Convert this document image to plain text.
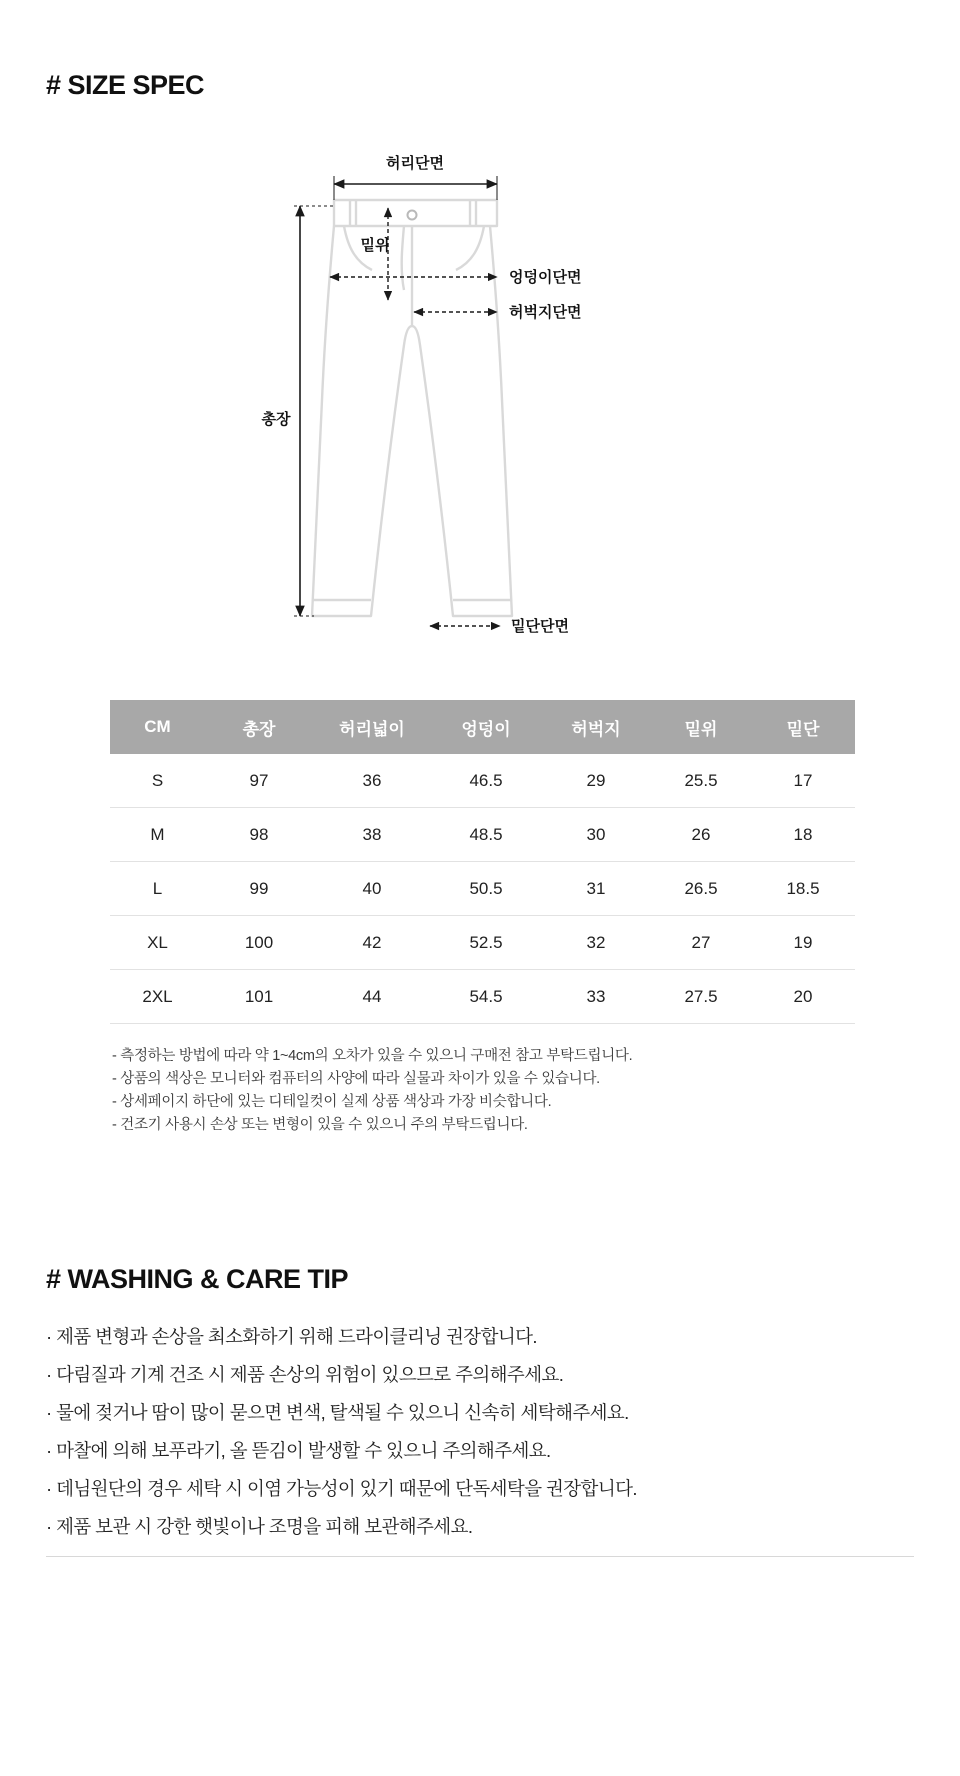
# SIZE SPEC
허리단면
총장
밑위
엉덩이단면
허벅지단면
밑단단면
CM	총장	허리넓이	엉덩이	허벅지	밑위	밑단
S	97	36	46.5	29	25.5	17
M	98	38	48.5	30	26	18
L	99	40	50.5	31	26.5	18.5
XL	100	42	52.5	32	27	19
2XL	101	44	54.5	33	27.5	20
- 측정하는 방법에 따라 약 1~4cm의 오차가 있을 수 있으니 구매전 참고 부탁드립니다.
- 상품의 색상은 모니터와 컴퓨터의 사양에 따라 실물과 차이가 있을 수 있습니다.
- 상세페이지 하단에 있는 디테일컷이 실제 상품 색상과 가장 비슷합니다.
- 건조기 사용시 손상 또는 변형이 있을 수 있으니 주의 부탁드립니다.
# WASHING & CARE TIP
· 제품 변형과 손상을 최소화하기 위해 드라이클리닝 권장합니다.
· 다림질과 기계 건조 시 제품 손상의 위험이 있으므로 주의해주세요.
· 물에 젖거나 땀이 많이 묻으면 변색, 탈색될 수 있으니 신속히 세탁해주세요.
· 마찰에 의해 보푸라기, 올 뜯김이 발생할 수 있으니 주의해주세요.
· 데님원단의 경우 세탁 시 이염 가능성이 있기 때문에 단독세탁을 권장합니다.
· 제품 보관 시 강한 햇빛이나 조명을 피해 보관해주세요.
